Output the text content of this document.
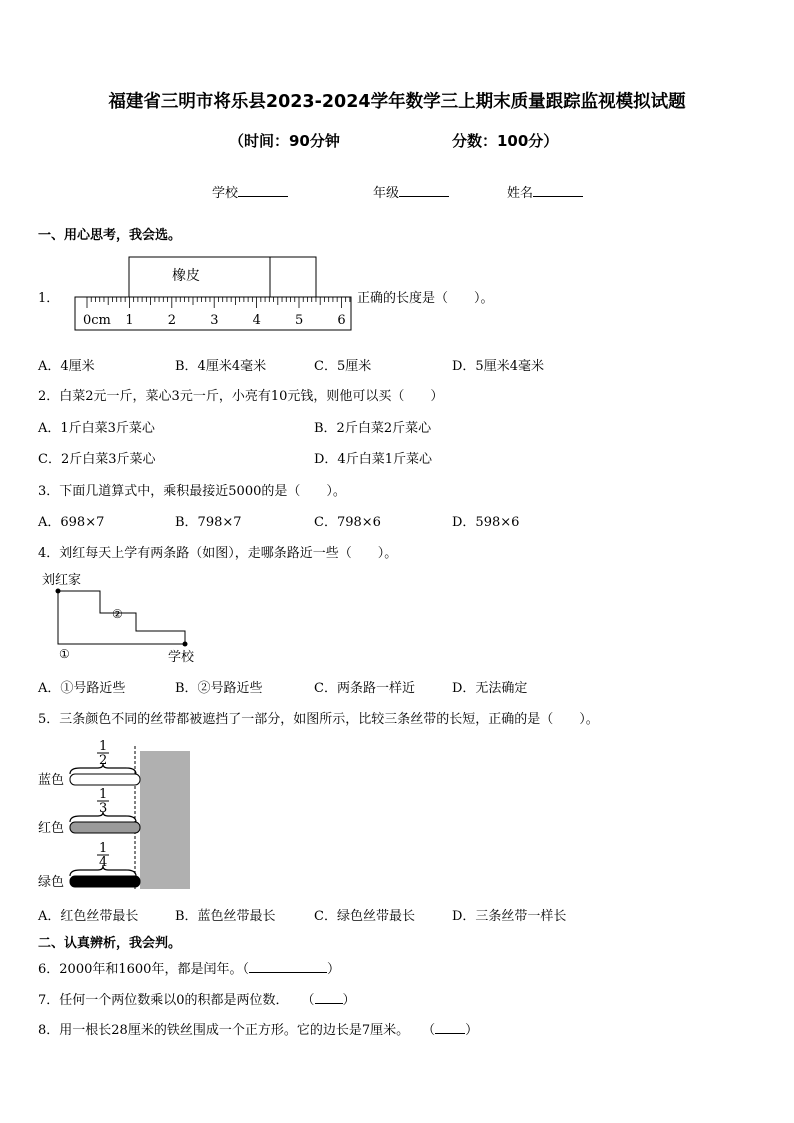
福建省三明市将乐县2023-2024学年数学三上期末质量跟踪监视模拟试题
（时间：90分钟	分数：100分）
学校	年级	姓名
一、用心思考，我会选。
1．
橡皮
0cm 1	2	3	4	5	6
正确的长度是（　　）。
A．4厘米	B．4厘米4毫米	C．5厘米	D．5厘米4毫米
2．白菜2元一斤，菜心3元一斤，小亮有10元钱，则他可以买（　　）
A．1斤白菜3斤菜心	B．2斤白菜2斤菜心
C．2斤白菜3斤菜心	D．4斤白菜1斤菜心
3．下面几道算式中，乘积最接近5000的是（　　）。
A．698×7	B．798×7	C．798×6	D．598×6
4．刘红每天上学有两条路（如图），走哪条路近一些（　　）。
刘红家
②
①	学校
A．①号路近些	B．②号路近些	C．两条路一样近	D．无法确定
5．三条颜色不同的丝带都被遮挡了一部分，如图所示，比较三条丝带的长短，正确的是（　　）。
1
2
蓝色
1
3
红色
1
4
绿色
A．红色丝带最长	B．蓝色丝带最长	C．绿色丝带最长	D．三条丝带一样长
二、认真辨析，我会判。
6．2000年和1600年，都是闰年。（	）
7．任何一个两位数乘以0的积都是两位数．　　（ ）
8．用一根长28厘米的铁丝围成一个正方形。它的边长是7厘米。　　（ ）
